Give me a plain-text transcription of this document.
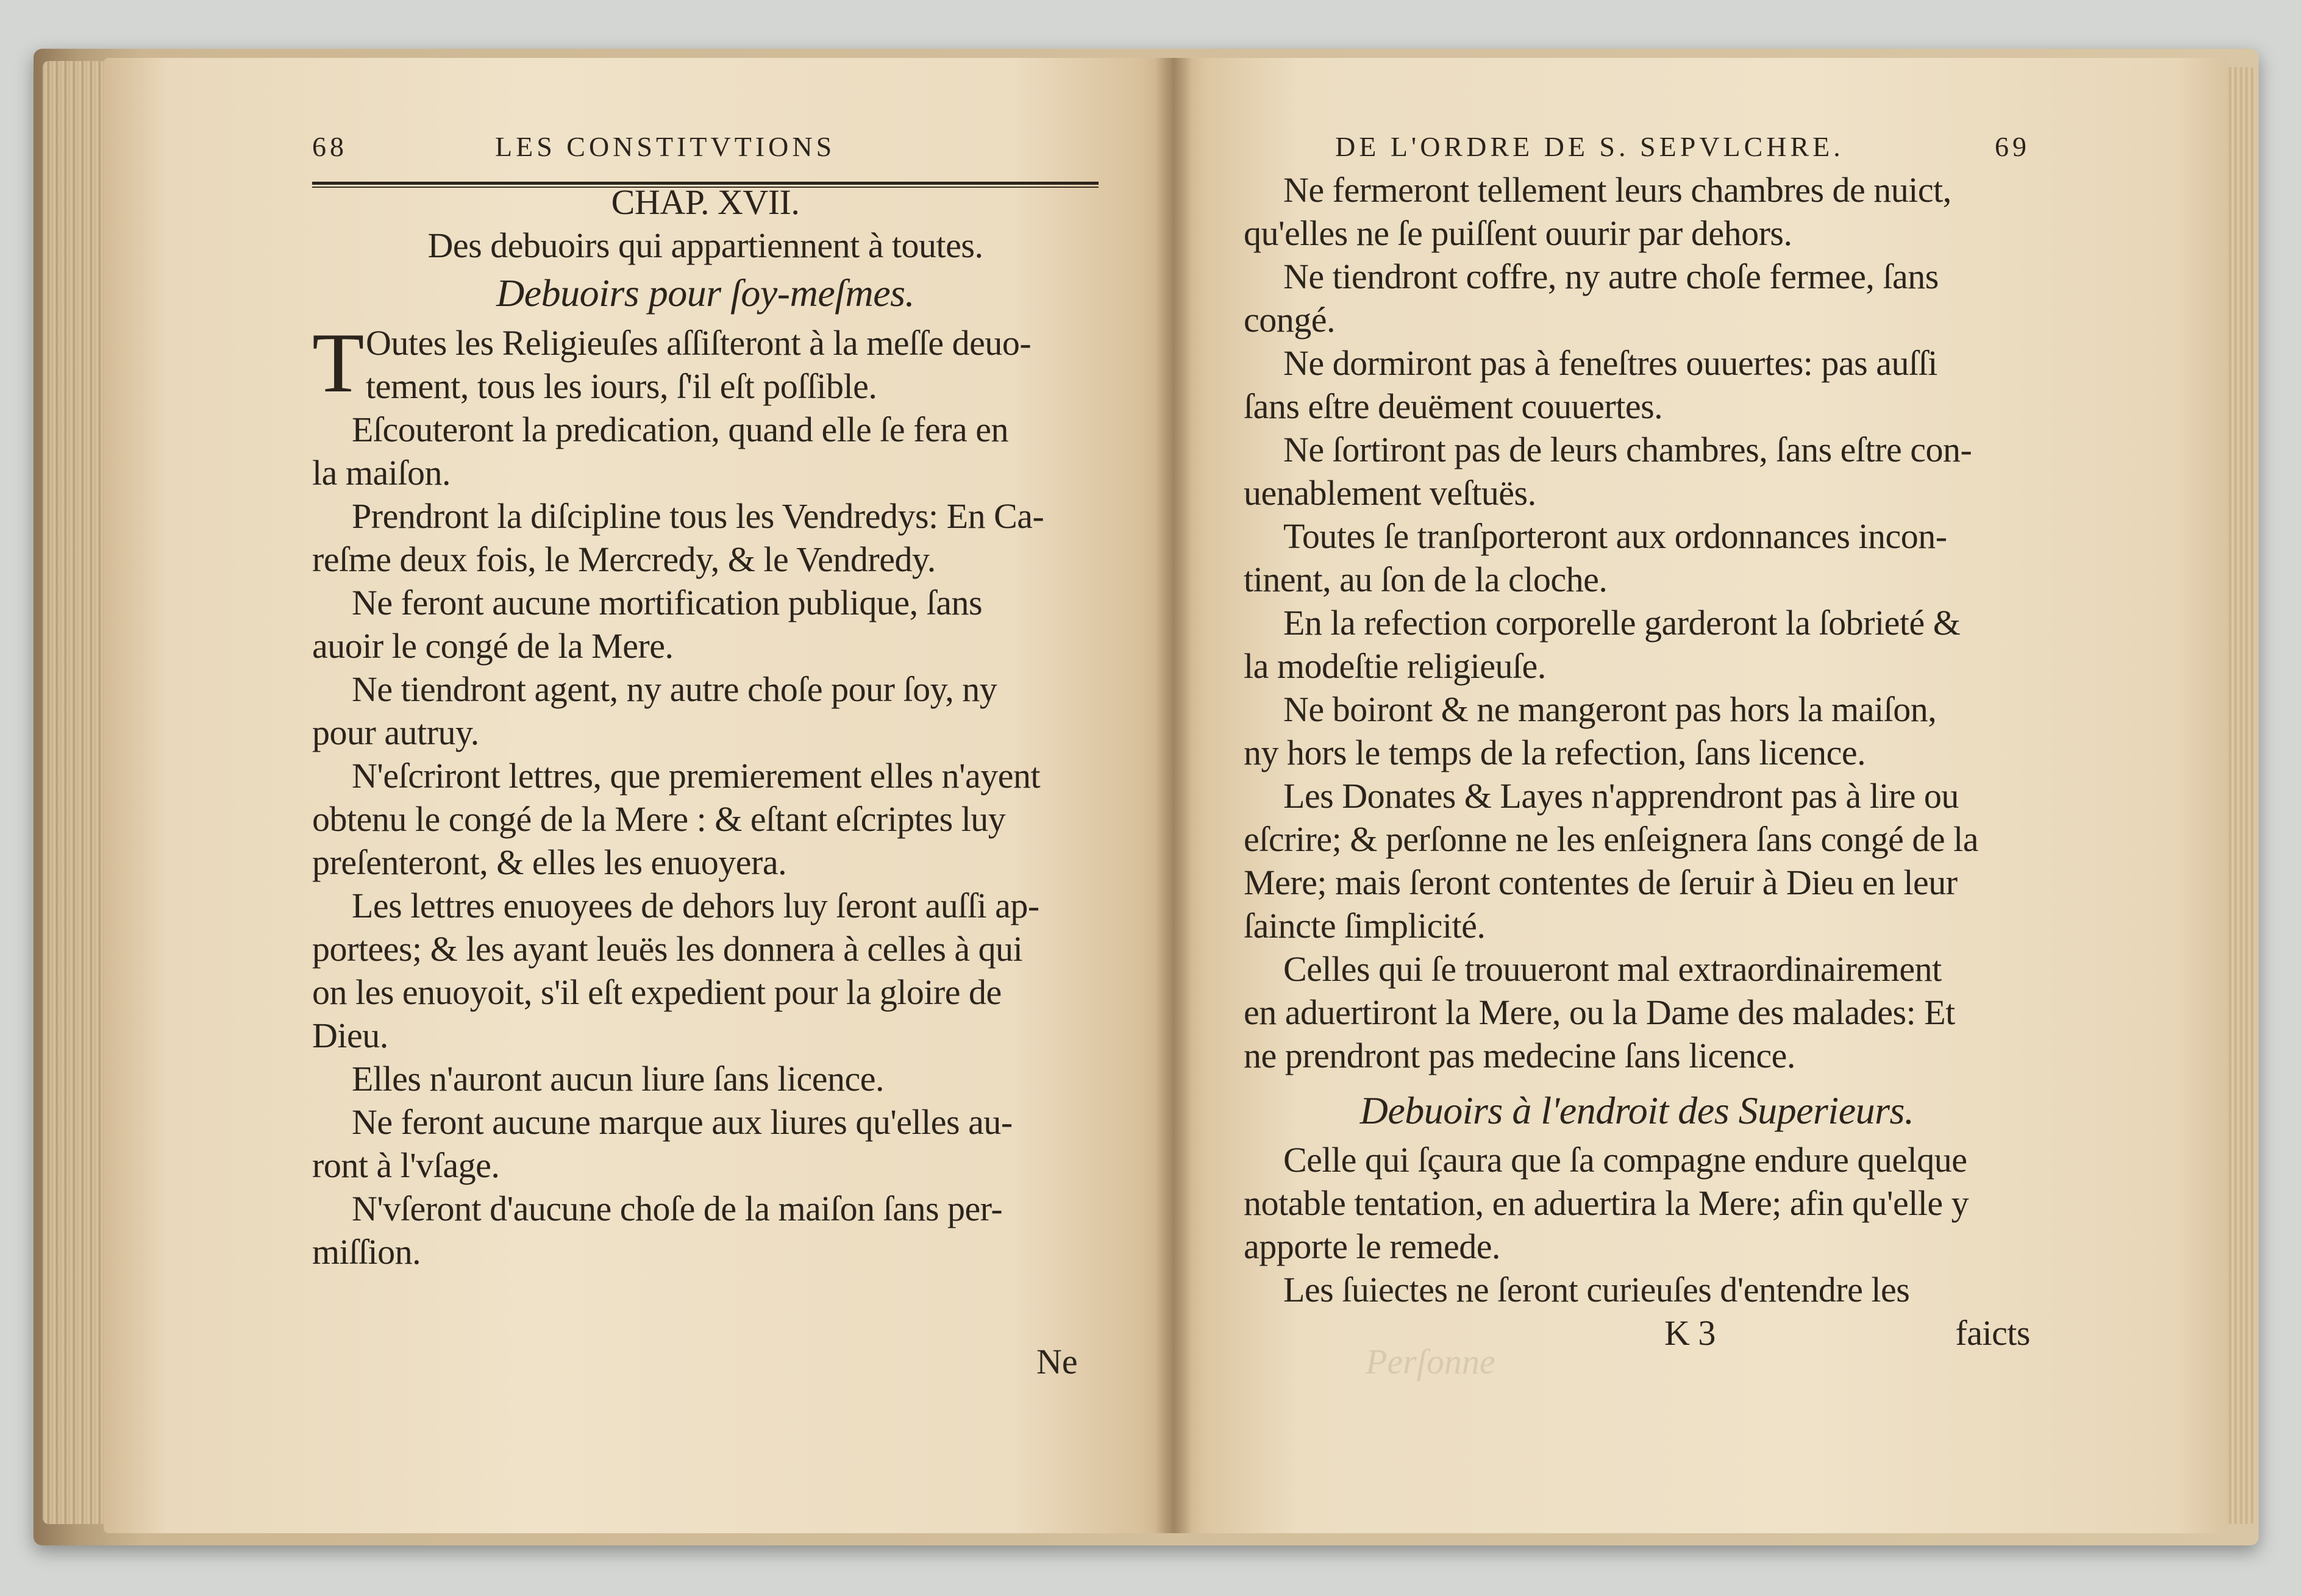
Perſonne
68	LES CONSTITVTIONS
CHAP. XVII.
Des debuoirs qui appartiennent à toutes.
Debuoirs pour ſoy-meſmes.
T Outes les Religieuſes aſſiſteront à la meſſe deuo-
tement, tous les iours, ſ'il eſt poſſible.
Eſcouteront la predication, quand elle ſe fera en
la maiſon.
Prendront la diſcipline tous les Vendredys: En Ca-
reſme deux fois, le Mercredy, & le Vendredy.
Ne feront aucune mortification publique, ſans
auoir le congé de la Mere.
Ne tiendront agent, ny autre choſe pour ſoy, ny
pour autruy.
N'eſcriront lettres, que premierement elles n'ayent
obtenu le congé de la Mere : & eſtant eſcriptes luy
preſenteront, & elles les enuoyera.
Les lettres enuoyees de dehors luy ſeront auſſi ap-
portees; & les ayant leuës les donnera à celles à qui
on les enuoyoit, s'il eſt expedient pour la gloire de
Dieu.
Elles n'auront aucun liure ſans licence.
Ne feront aucune marque aux liures qu'elles au-
ront à l'vſage.
N'vſeront d'aucune choſe de la maiſon ſans per-
miſſion.
Ne
DE L'ORDRE DE S. SEPVLCHRE.	69
Ne fermeront tellement leurs chambres de nuict,
qu'elles ne ſe puiſſent ouurir par dehors.
Ne tiendront coffre, ny autre choſe fermee, ſans
congé.
Ne dormiront pas à feneſtres ouuertes: pas auſſi
ſans eſtre deuëment couuertes.
Ne ſortiront pas de leurs chambres, ſans eſtre con-
uenablement veſtuës.
Toutes ſe tranſporteront aux ordonnances incon-
tinent, au ſon de la cloche.
En la refection corporelle garderont la ſobrieté &
la modeſtie religieuſe.
Ne boiront & ne mangeront pas hors la maiſon,
ny hors le temps de la refection, ſans licence.
Les Donates & Layes n'apprendront pas à lire ou
eſcrire; & perſonne ne les enſeignera ſans congé de la
Mere; mais ſeront contentes de ſeruir à Dieu en leur
ſaincte ſimplicité.
Celles qui ſe trouueront mal extraordinairement
en aduertiront la Mere, ou la Dame des malades: Et
ne prendront pas medecine ſans licence.
Debuoirs à l'endroit des Superieurs.
Celle qui ſçaura que ſa compagne endure quelque
notable tentation, en aduertira la Mere; afin qu'elle y
apporte le remede.
Les ſuiectes ne ſeront curieuſes d'entendre les
K 3	faicts
